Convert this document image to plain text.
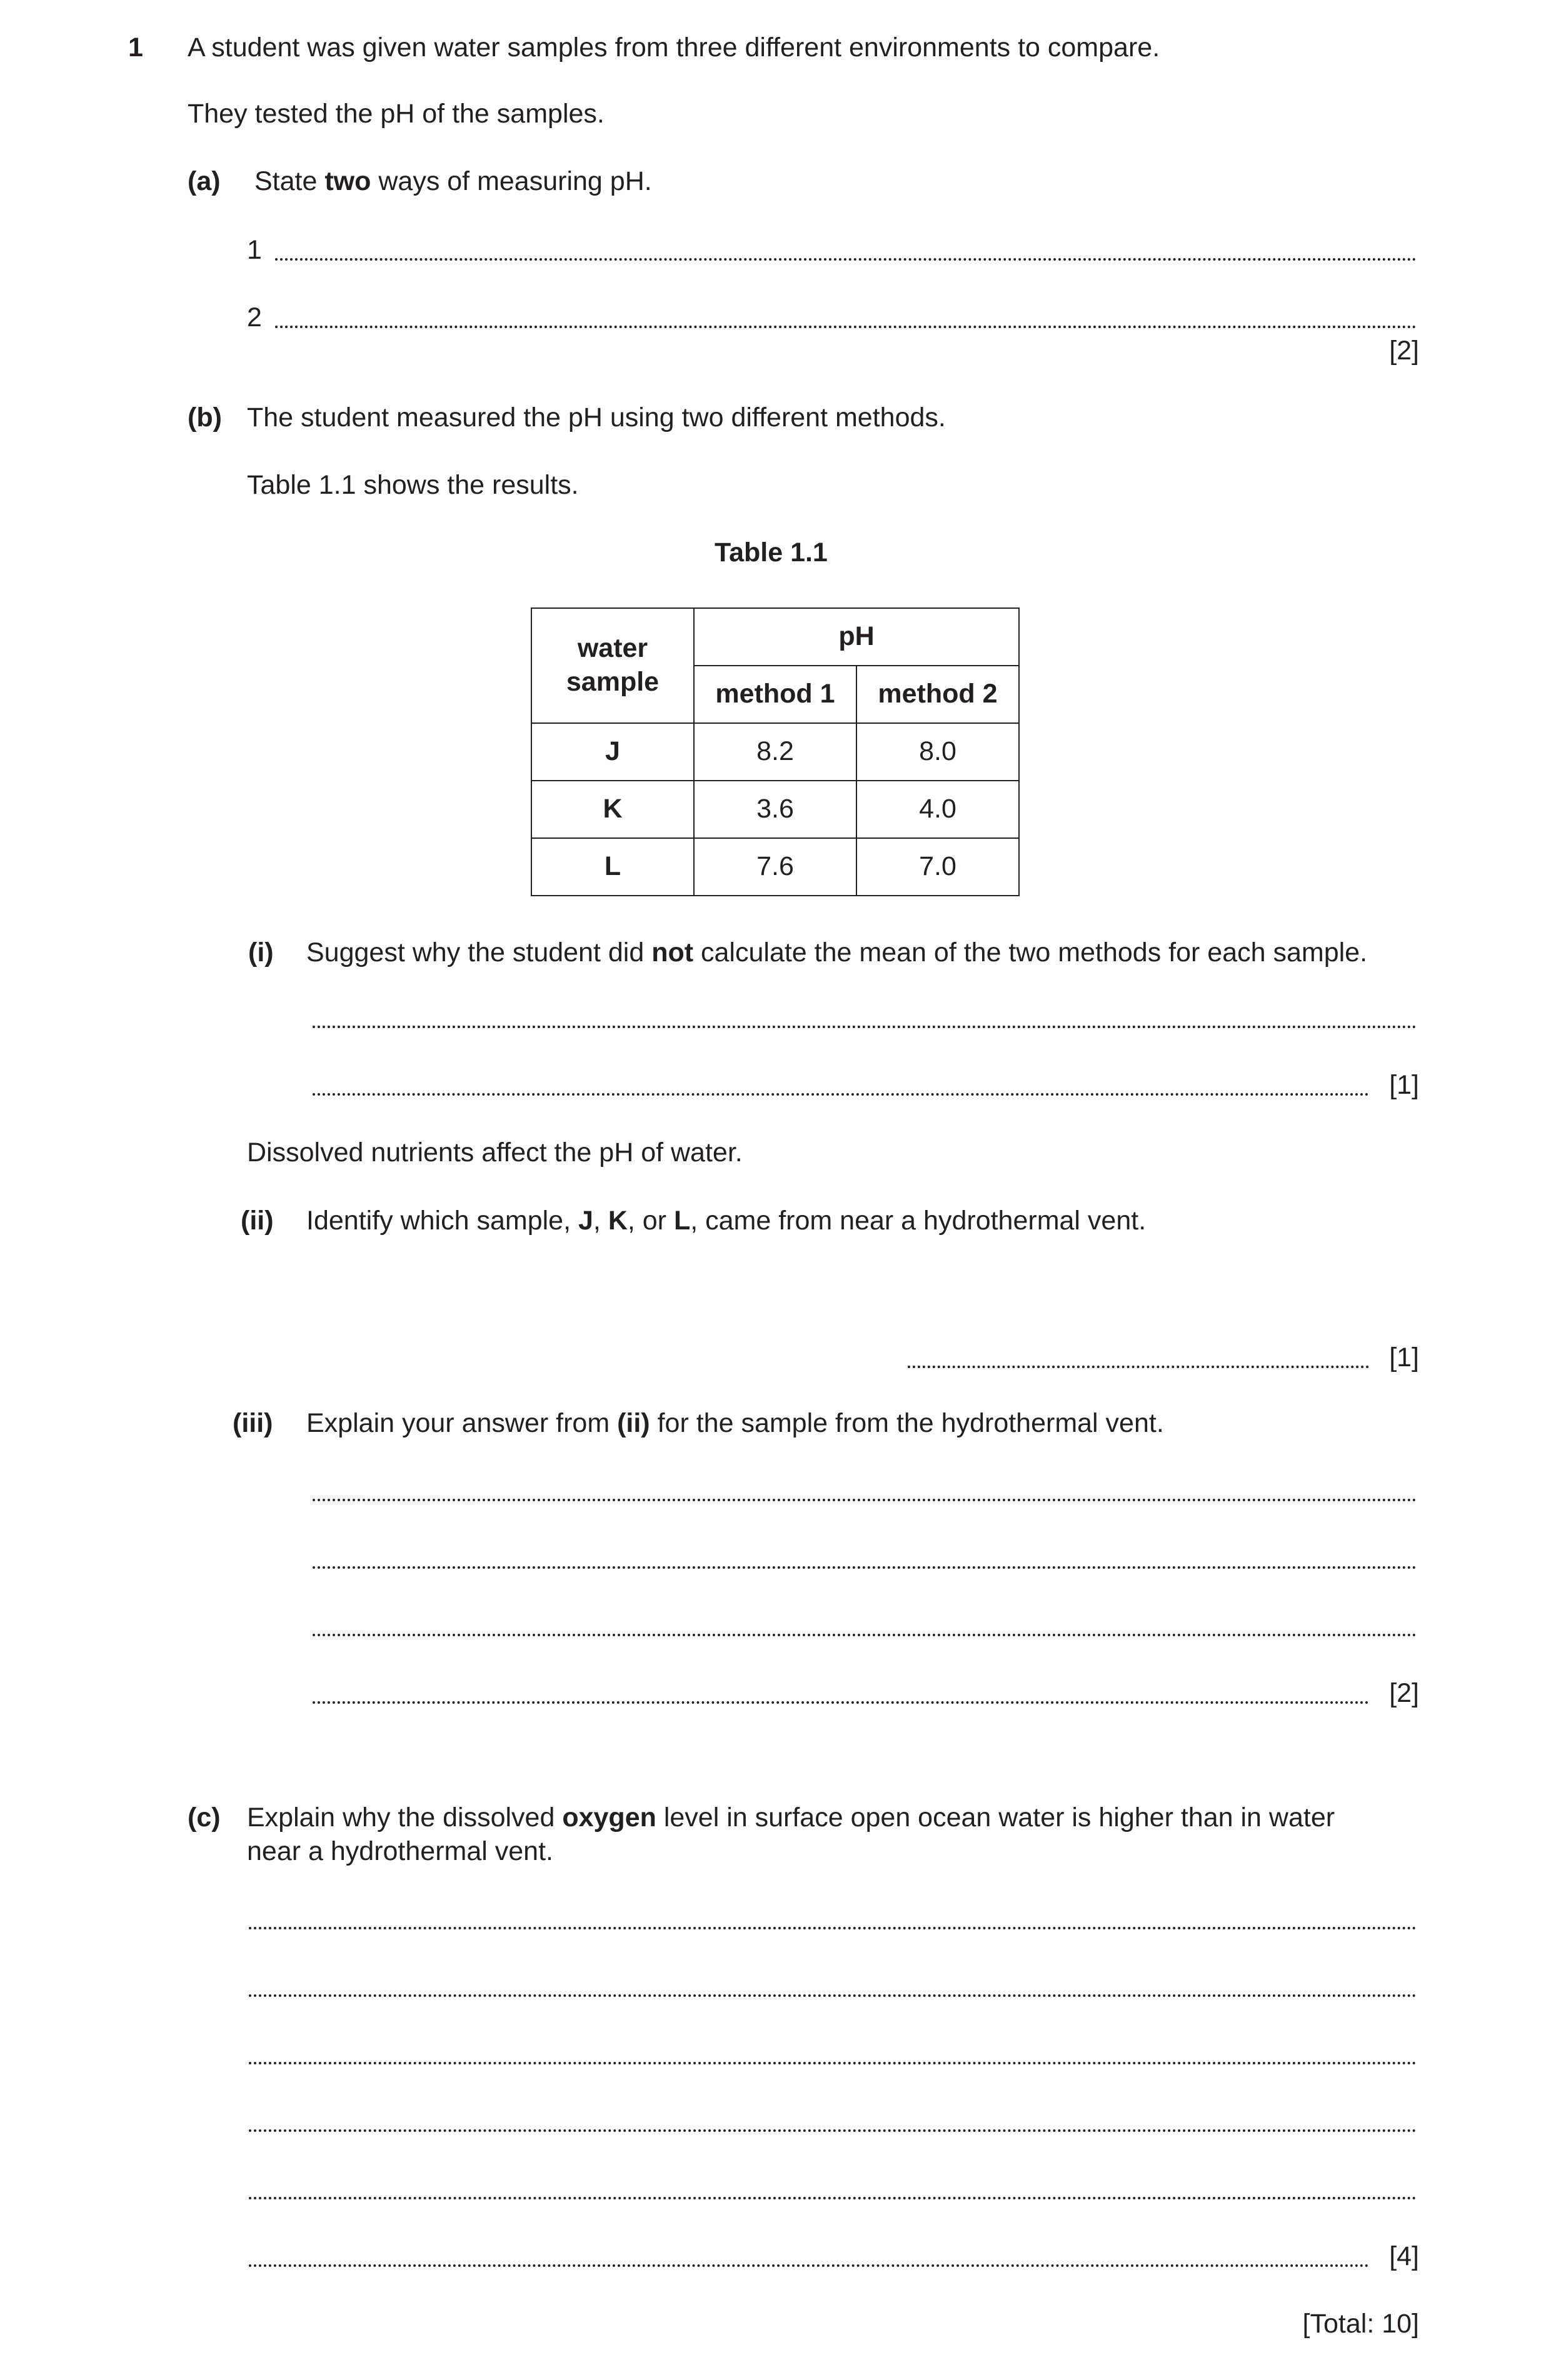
1 A student was given water samples from three different environments to compare.
They tested the pH of the samples.
(a) State two ways of measuring pH.
1
2
[2]
(b) The student measured the pH using two different methods.
Table 1.1 shows the results.
Table 1.1
water sample	pH	
	method 1	method 2
J	8.2	8.0
K	3.6	4.0
L	7.6	7.0
(i) Suggest why the student did not calculate the mean of the two methods for each sample.
[1]
Dissolved nutrients affect the pH of water.
(ii) Identify which sample, J, K, or L, came from near a hydrothermal vent.
[1]
(iii) Explain your answer from (ii) for the sample from the hydrothermal vent.
[2]
(c) Explain why the dissolved oxygen level in surface open ocean water is higher than in water
near a hydrothermal vent.
[4]
[Total: 10]
